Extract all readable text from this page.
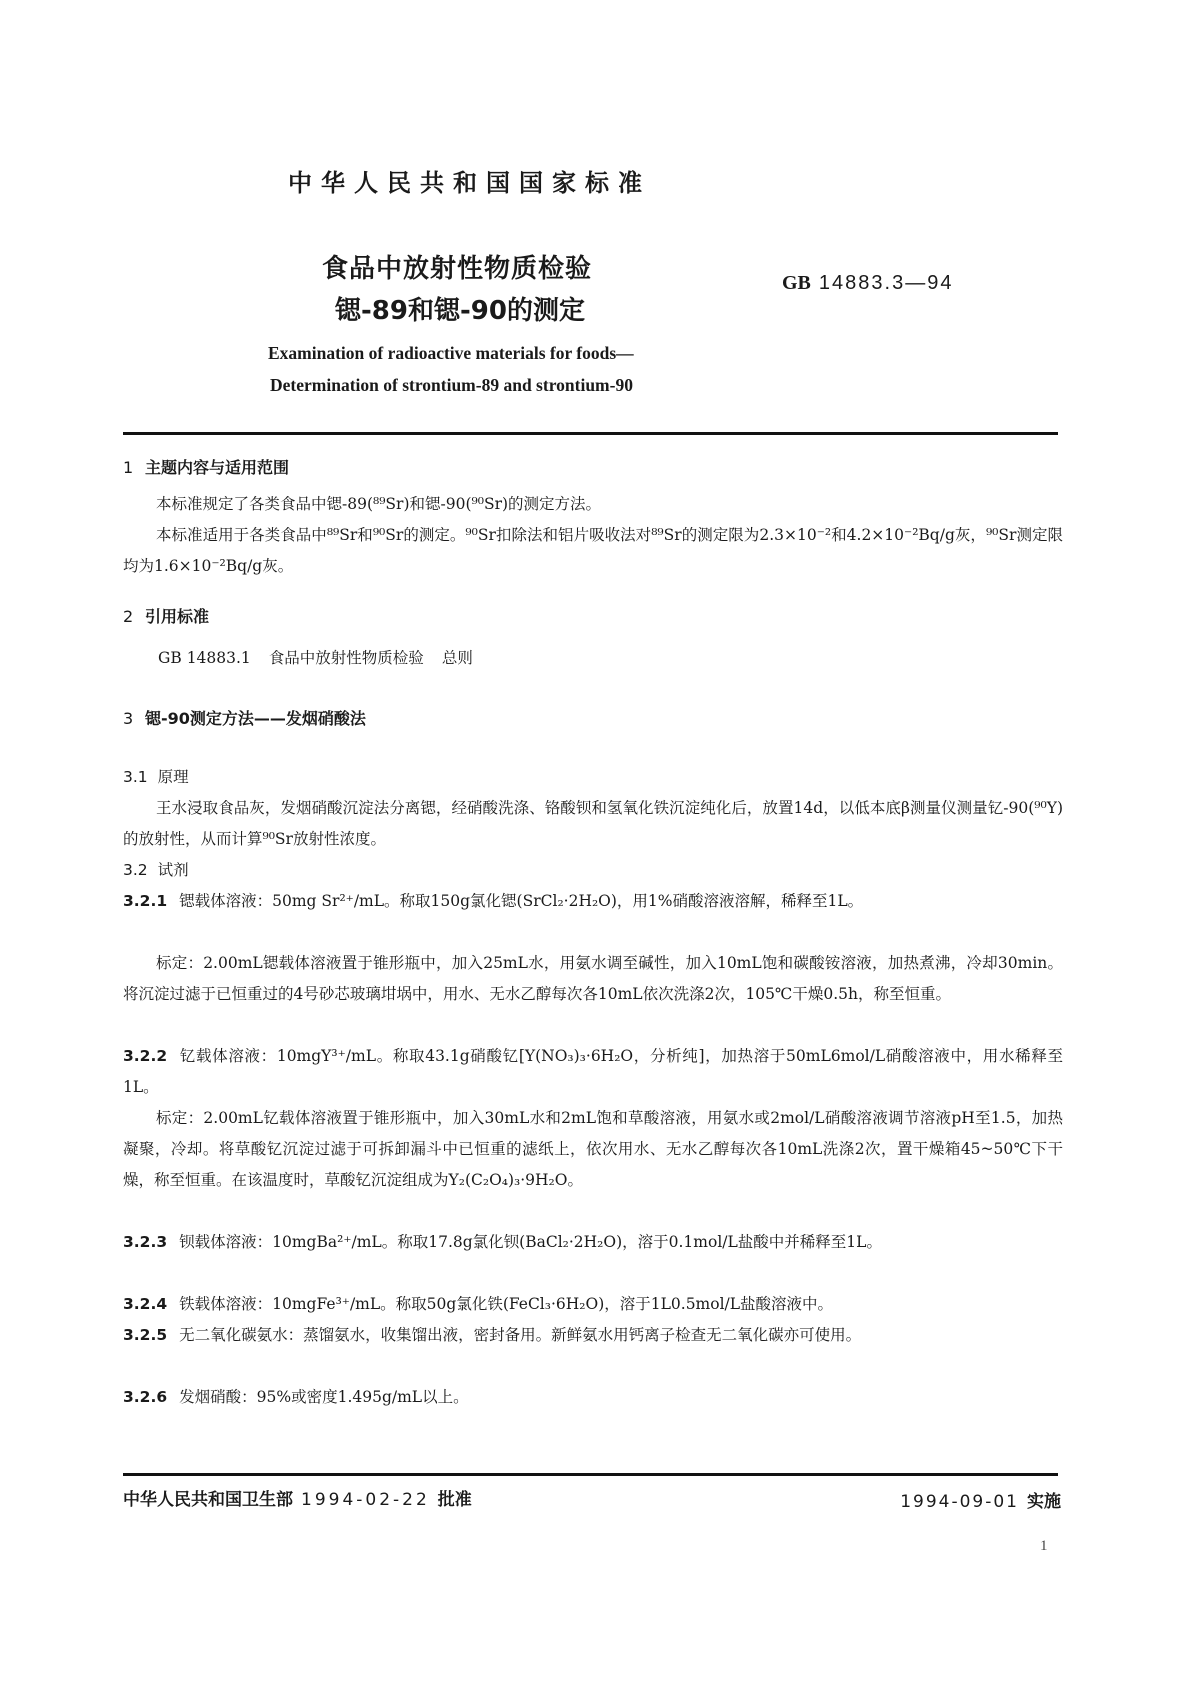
中华人民共和国国家标准
食品中放射性物质检验
锶-89和锶-90的测定
GB 14883.3—94
Examination of radioactive materials for foods—
Determination of strontium-89 and strontium-90
1 主题内容与适用范围
本标准规定了各类食品中锶-89(⁸⁹Sr)和锶-90(⁹⁰Sr)的测定方法。
本标准适用于各类食品中⁸⁹Sr和⁹⁰Sr的测定。⁹⁰Sr扣除法和铝片吸收法对⁸⁹Sr的测定限为2.3×10⁻²和4.2×10⁻²Bq/g灰，⁹⁰Sr测定限均为1.6×10⁻²Bq/g灰。
2 引用标准
GB 14883.1 食品中放射性物质检验 总则
3 锶-90测定方法——发烟硝酸法
3.1 原理
王水浸取食品灰，发烟硝酸沉淀法分离锶，经硝酸洗涤、铬酸钡和氢氧化铁沉淀纯化后，放置14d，以低本底β测量仪测量钇-90(⁹⁰Y)的放射性，从而计算⁹⁰Sr放射性浓度。
3.2 试剂
3.2.1 锶载体溶液：50mg Sr²⁺/mL。称取150g氯化锶(SrCl₂·2H₂O)，用1%硝酸溶液溶解，稀释至1L。
标定：2.00mL锶载体溶液置于锥形瓶中，加入25mL水，用氨水调至碱性，加入10mL饱和碳酸铵溶液，加热煮沸，冷却30min。将沉淀过滤于已恒重过的4号砂芯玻璃坩埚中，用水、无水乙醇每次各10mL依次洗涤2次，105℃干燥0.5h，称至恒重。
3.2.2 钇载体溶液：10mgY³⁺/mL。称取43.1g硝酸钇[Y(NO₃)₃·6H₂O，分析纯]，加热溶于50mL6mol/L硝酸溶液中，用水稀释至1L。
标定：2.00mL钇载体溶液置于锥形瓶中，加入30mL水和2mL饱和草酸溶液，用氨水或2mol/L硝酸溶液调节溶液pH至1.5，加热凝聚，冷却。将草酸钇沉淀过滤于可拆卸漏斗中已恒重的滤纸上，依次用水、无水乙醇每次各10mL洗涤2次，置干燥箱45~50℃下干燥，称至恒重。在该温度时，草酸钇沉淀组成为Y₂(C₂O₄)₃·9H₂O。
3.2.3 钡载体溶液：10mgBa²⁺/mL。称取17.8g氯化钡(BaCl₂·2H₂O)，溶于0.1mol/L盐酸中并稀释至1L。
3.2.4 铁载体溶液：10mgFe³⁺/mL。称取50g氯化铁(FeCl₃·6H₂O)，溶于1L0.5mol/L盐酸溶液中。
3.2.5 无二氧化碳氨水：蒸馏氨水，收集馏出液，密封备用。新鲜氨水用钙离子检查无二氧化碳亦可使用。
3.2.6 发烟硝酸：95%或密度1.495g/mL以上。
中华人民共和国卫生部 1994-02-22 批准	1994-09-01 实施
1
